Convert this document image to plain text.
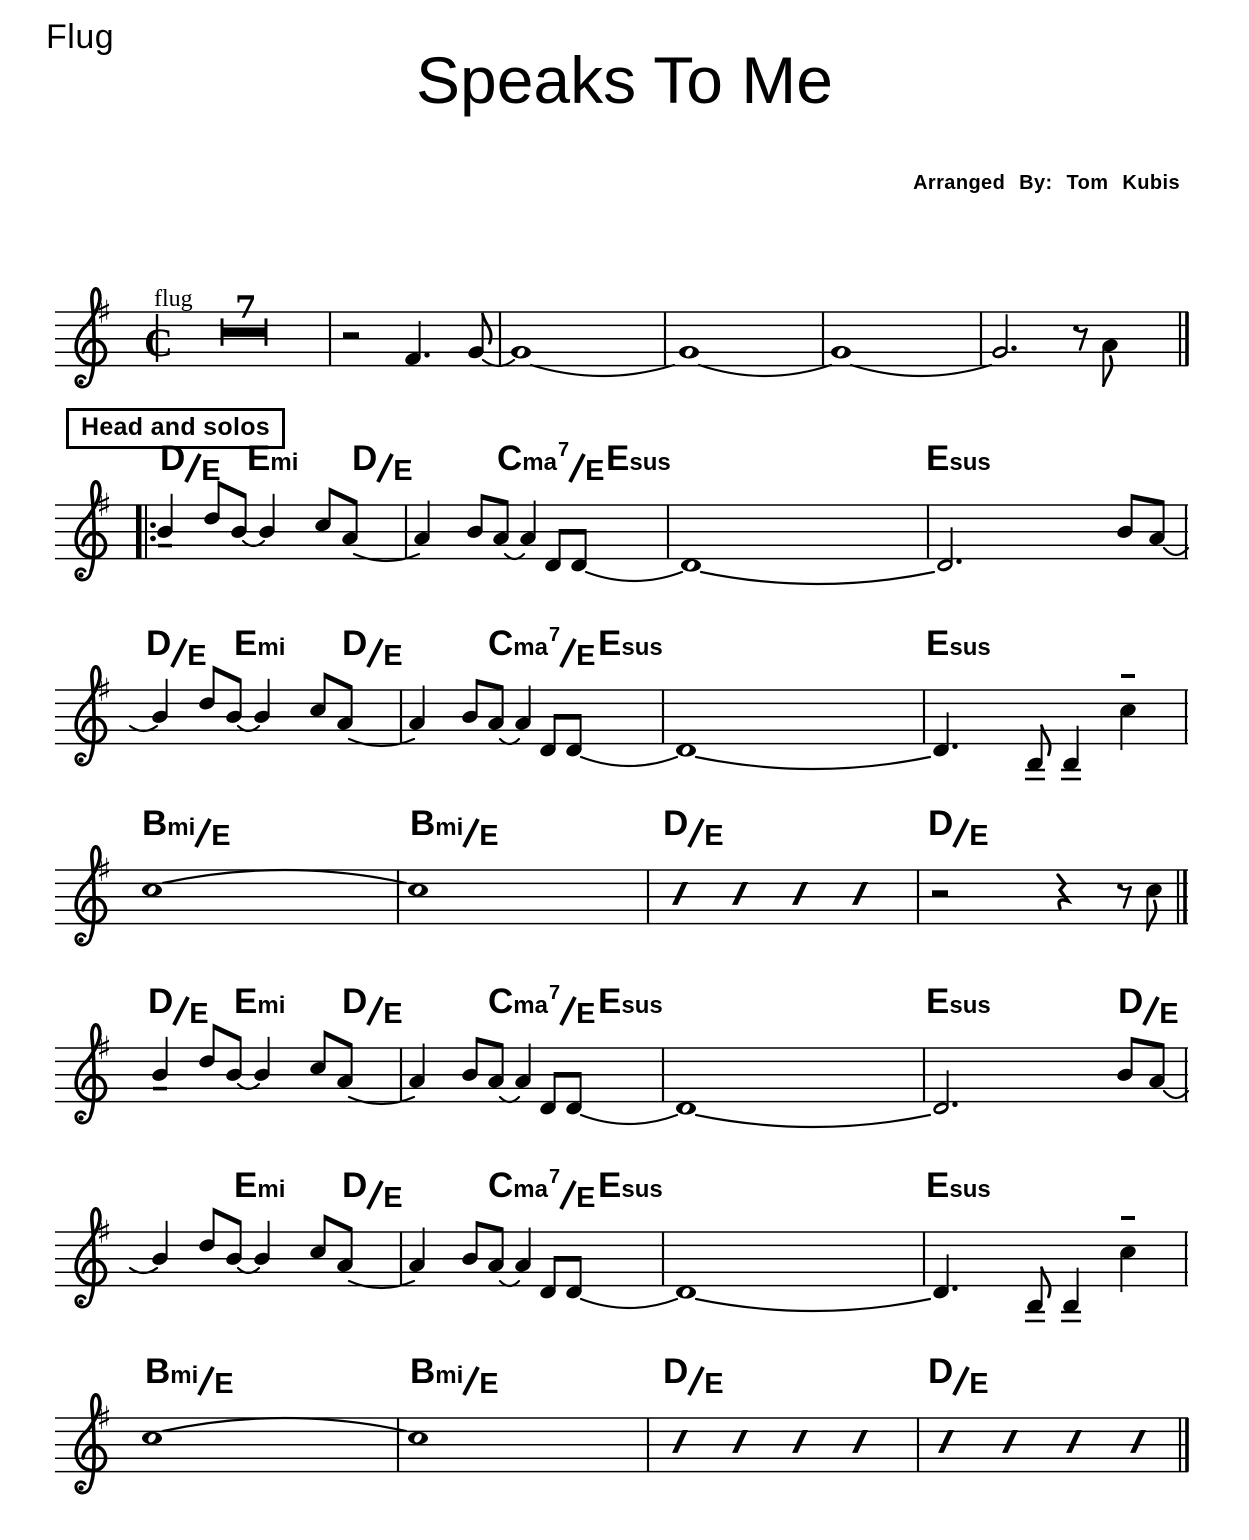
Flug
Speaks To Me
Arranged By: Tom Kubis
Head and solos
♯
C
♯
♯
♯
♯
♯
♯
7
flug
D E Emi D E Cma7E Esus	Esus
D E Emi D E Cma7E Esus	Esus
Bmi E	Bmi E	D E	D E
D E Emi D E Cma7E Esus	Esus	D E
Emi D E Cma7E Esus	Esus
Bmi E	Bmi E	D E	D E
